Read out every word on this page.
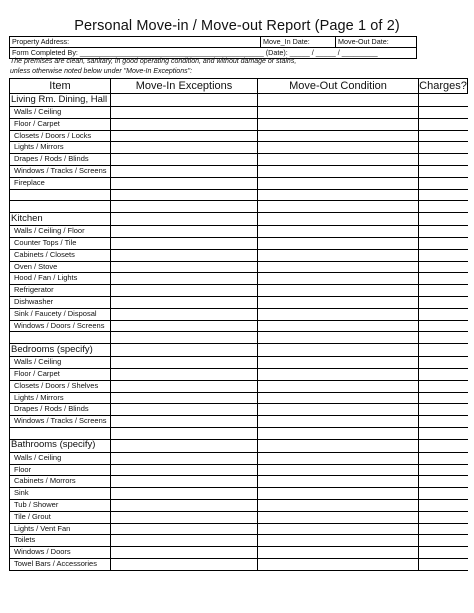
Personal Move-in / Move-out Report (Page 1 of 2)
Property Address:	Move_In Date:	Move-Out Date:
Form Completed By: ______________________________________________ (Date): _____ / _____ / _________
The premises are clean, sanitary, in good operating condition, and without damage or stains,
unless otherwise noted below under "Move-In Exceptions":
Item	Move-In Exceptions	Move-Out Condition	Charges?
Living Rm. Dining, Hall			
Walls / Ceiling			
Floor / Carpet			
Closets / Doors / Locks			
Lights / Mirrors			
Drapes / Rods / Blinds			
Windows / Tracks / Screens			
Fireplace			

Kitchen			
Walls / Ceiling / Floor			
Counter Tops / Tile			
Cabinets / Closets			
Oven / Stove			
Hood / Fan / Lights			
Refrigerator			
Dishwasher			
Sink / Faucety / Disposal			
Windows / Doors / Screens			

Bedrooms (specify)			
Walls / Ceiling			
Floor / Carpet			
Closets / Doors / Shelves			
Lights / Mirrors			
Drapes / Rods / Blinds			
Windows / Tracks / Screens			

Bathrooms (specify)			
Walls / Ceiling			
Floor			
Cabinets / Morrors			
Sink			
Tub / Shower			
Tile / Grout			
Lights / Vent Fan			
Toilets			
Windows / Doors			
Towel Bars / Accessories			
